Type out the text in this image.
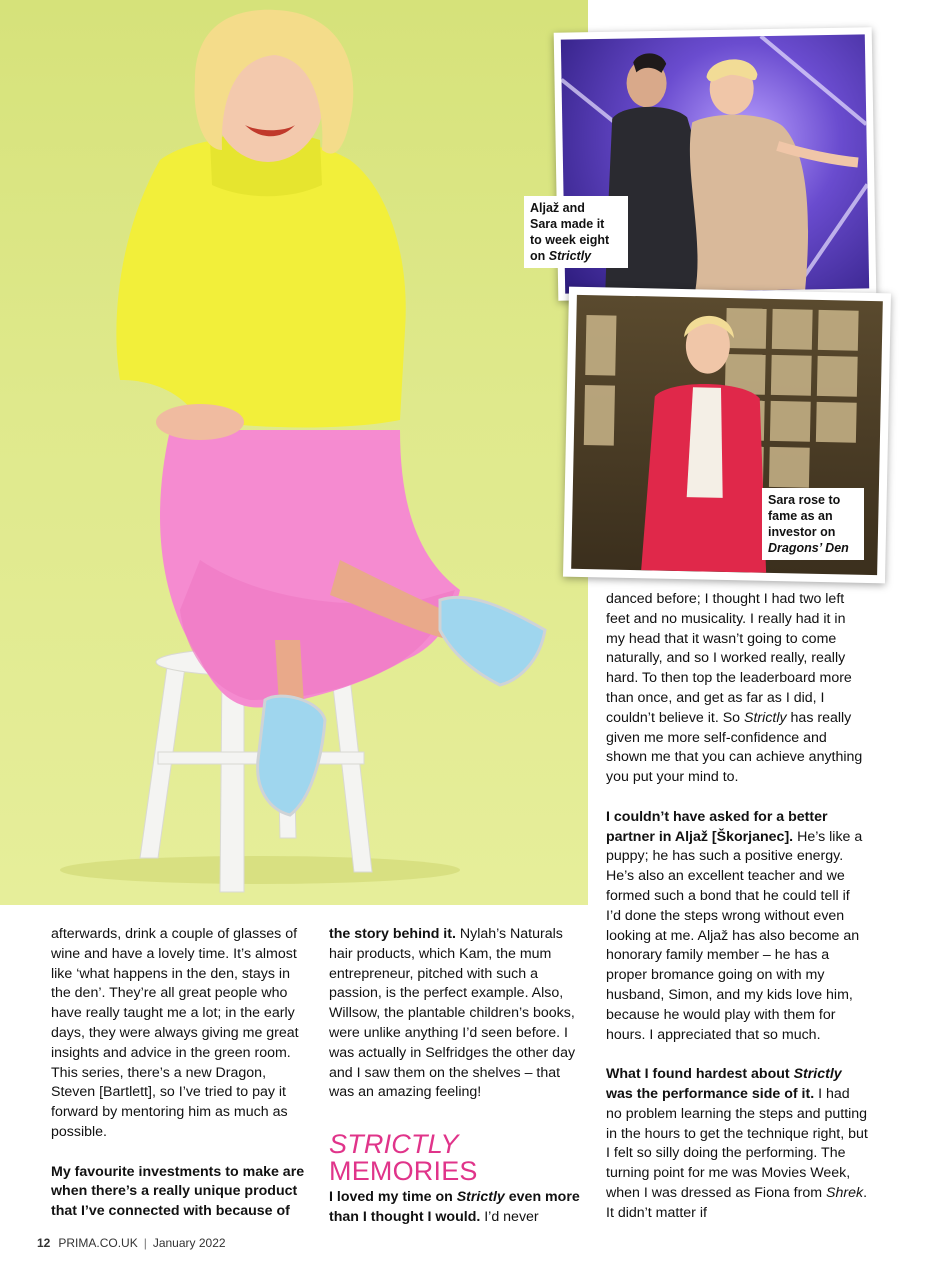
Aljaž and
Sara made it
to week eight
on Strictly
Sara rose to
fame as an
investor on
Dragons’ Den

afterwards, drink a couple of glasses of wine and have a lovely time. It’s almost like ‘what happens in the den, stays in the den’. They’re all great people who have really taught me a lot; in the early days, they were always giving me great insights and advice in the green room. This series, there’s a new Dragon, Steven [Bartlett], so I’ve tried to pay it forward by mentoring him as much as possible.

My favourite investments to make are when there’s a really unique product that I’ve connected with because of

the story behind it. Nylah’s Naturals hair products, which Kam, the mum entrepreneur, pitched with such a passion, is the perfect example. Also, Willsow, the plantable children’s books, were unlike anything I’d seen before. I was actually in Selfridges the other day and I saw them on the shelves – that was an amazing feeling!

STRICTLY
MEMORIES

I loved my time on Strictly even more than I thought I would. I’d never

danced before; I thought I had two left feet and no musicality. I really had it in my head that it wasn’t going to come naturally, and so I worked really, really hard. To then top the leaderboard more than once, and get as far as I did, I couldn’t believe it. So Strictly has really given me more self-confidence and shown me that you can achieve anything you put your mind to.

I couldn’t have asked for a better partner in Aljaž [Škorjanec]. He’s like a puppy; he has such a positive energy. He’s also an excellent teacher and we formed such a bond that he could tell if I’d done the steps wrong without even looking at me. Aljaž has also become an honorary family member – he has a proper bromance going on with my husband, Simon, and my kids love him, because he would play with them for hours. I appreciated that so much.

What I found hardest about Strictly was the performance side of it. I had no problem learning the steps and putting in the hours to get the technique right, but I felt so silly doing the performing. The turning point for me was Movies Week, when I was dressed as Fiona from Shrek. It didn’t matter if

12 PRIMA.CO.UK | January 2022
